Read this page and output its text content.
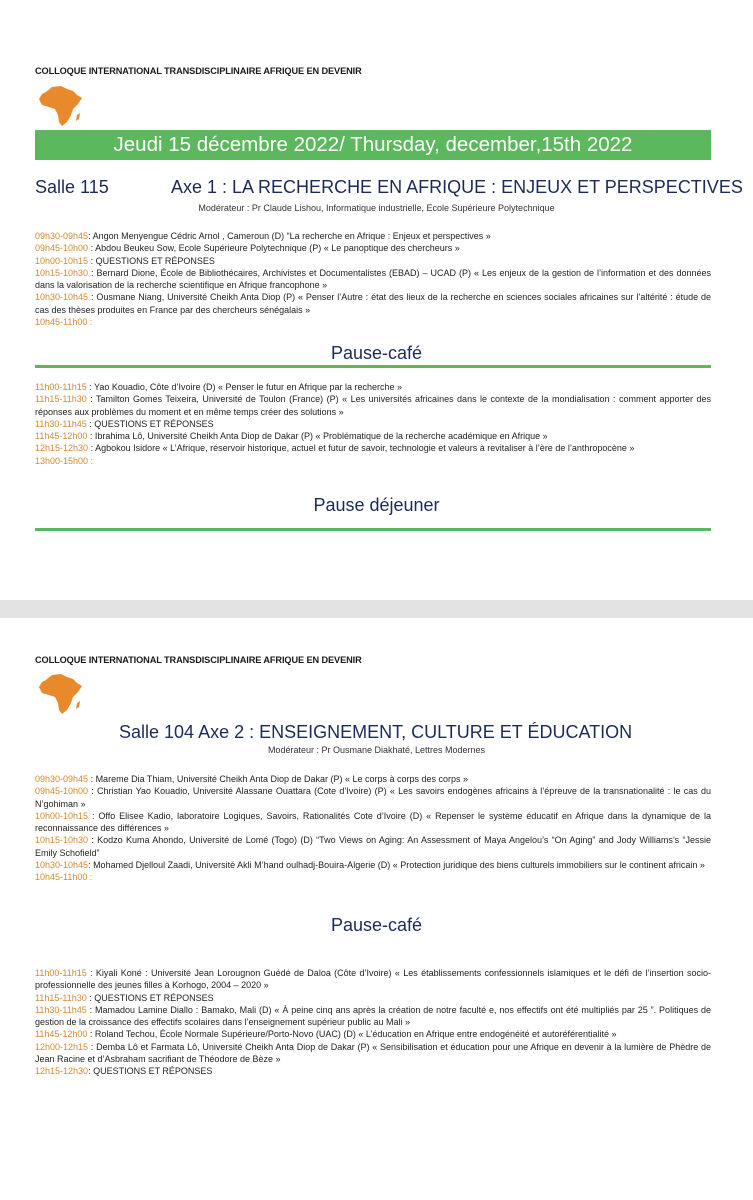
COLLOQUE INTERNATIONAL TRANSDISCIPLINAIRE AFRIQUE EN DEVENIR
Jeudi 15 décembre 2022/ Thursday, december,15th 2022
Salle 115	Axe 1 : LA RECHERCHE EN AFRIQUE : ENJEUX ET PERSPECTIVES
Modérateur : Pr Claude Lishou, Informatique industrielle, Ecole Supérieure Polytechnique
09h30-09h45: Angon Menyengue Cédric Arnol , Cameroun (D) “La recherche en Afrique : Enjeux et perspectives »
09h45-10h00 : Abdou Beukeu Sow, Ecole Supérieure Polytechnique (P) « Le panoptique des chercheurs »
10h00-10h15 : QUESTIONS ET RÉPONSES
10h15-10h30 : Bernard Dione, École de Bibliothécaires, Archivistes et Documentalistes (EBAD) – UCAD (P) « Les enjeux de la gestion de l’information et des données dans la valorisation de la recherche scientifique en Afrique francophone »
10h30-10h45 : Ousmane Niang, Université Cheikh Anta Diop (P) « Penser l’Autre : état des lieux de la recherche en sciences sociales africaines sur l’altérité : étude de cas des thèses produites en France par des chercheurs sénégalais »
10h45-11h00 :
Pause-café
11h00-11h15 : Yao Kouadio, Côte d’Ivoire (D) « Penser le futur en Afrique par la recherche »
11h15-11h30 : Tamilton Gomes Teixeira, Université de Toulon (France) (P) « Les universités africaines dans le contexte de la mondialisation : comment apporter des réponses aux problèmes du moment et en même temps créer des solutions »
11h30-11h45 : QUESTIONS ET RÉPONSES
11h45-12h00 : Ibrahima Lô, Université Cheikh Anta Diop de Dakar (P) « Problématique de la recherche académique en Afrique »
12h15-12h30 : Agbokou Isidore « L’Afrique, réservoir historique, actuel et futur de savoir, technologie et valeurs à revitaliser à l’ère de l’anthropocène »
13h00-15h00 :
Pause déjeuner
COLLOQUE INTERNATIONAL TRANSDISCIPLINAIRE AFRIQUE EN DEVENIR
Salle 104 Axe 2 : ENSEIGNEMENT, CULTURE ET ÉDUCATION
Modérateur : Pr Ousmane Diakhaté, Lettres Modernes
09h30-09h45 : Mareme Dia Thiam, Université Cheikh Anta Diop de Dakar (P) « Le corps à corps des corps »
09h45-10h00 : Christian Yao Kouadio, Université Alassane Ouattara (Cote d’Ivoire) (P) « Les savoirs endogènes africains à l’épreuve de la transnationalité : le cas du N’gohiman »
10h00-10h15 : Offo Elisee Kadio, laboratoire Logiques, Savoirs, Rationalités Cote d’Ivoire (D) « Repenser le système éducatif en Afrique dans la dynamique de la reconnaissance des différences »
10h15-10h30 : Kodzo Kuma Ahondo, Université de Lomé (Togo) (D) “Two Views on Aging: An Assessment of Maya Angelou’s “On Aging” and Jody Williams’s “Jessie Emily Schofield”
10h30-10h45: Mohamed Djelloul Zaadi, Université Akli M’hand oulhadj-Bouira-Algerie (D) « Protection juridique des biens culturels immobiliers sur le continent africain »
10h45-11h00 :
Pause-café
11h00-11h15 : Kiyali Koné : Université Jean Lorougnon Guédé de Daloa (Côte d’Ivoire) « Les établissements confessionnels islamiques et le défi de l’insertion socio-professionnelle des jeunes filles à Korhogo, 2004 – 2020 »
11h15-11h30 : QUESTIONS ET RÉPONSES
11h30-11h45 : Mamadou Lamine Diallo : Bamako, Mali (D) « À peine cinq ans après la création de notre faculté e, nos effectifs ont été multipliés par 25 ”. Politiques de gestion de la croissance des effectifs scolaires dans l’enseignement supérieur public au Mali »
11h45-12h00 : Roland Techou, École Normale Supérieure/Porto-Novo (UAC) (D) « L’éducation en Afrique entre endogénéité et autoréférentialité »
12h00-12h15 : Demba Lô et Farmata Lô, Université Cheikh Anta Diop de Dakar (P) « Sensibilisation et éducation pour une Afrique en devenir à la lumière de Phèdre de Jean Racine et d’Asbraham sacrifiant de Théodore de Bèze »
12h15-12h30: QUESTIONS ET RÉPONSES
